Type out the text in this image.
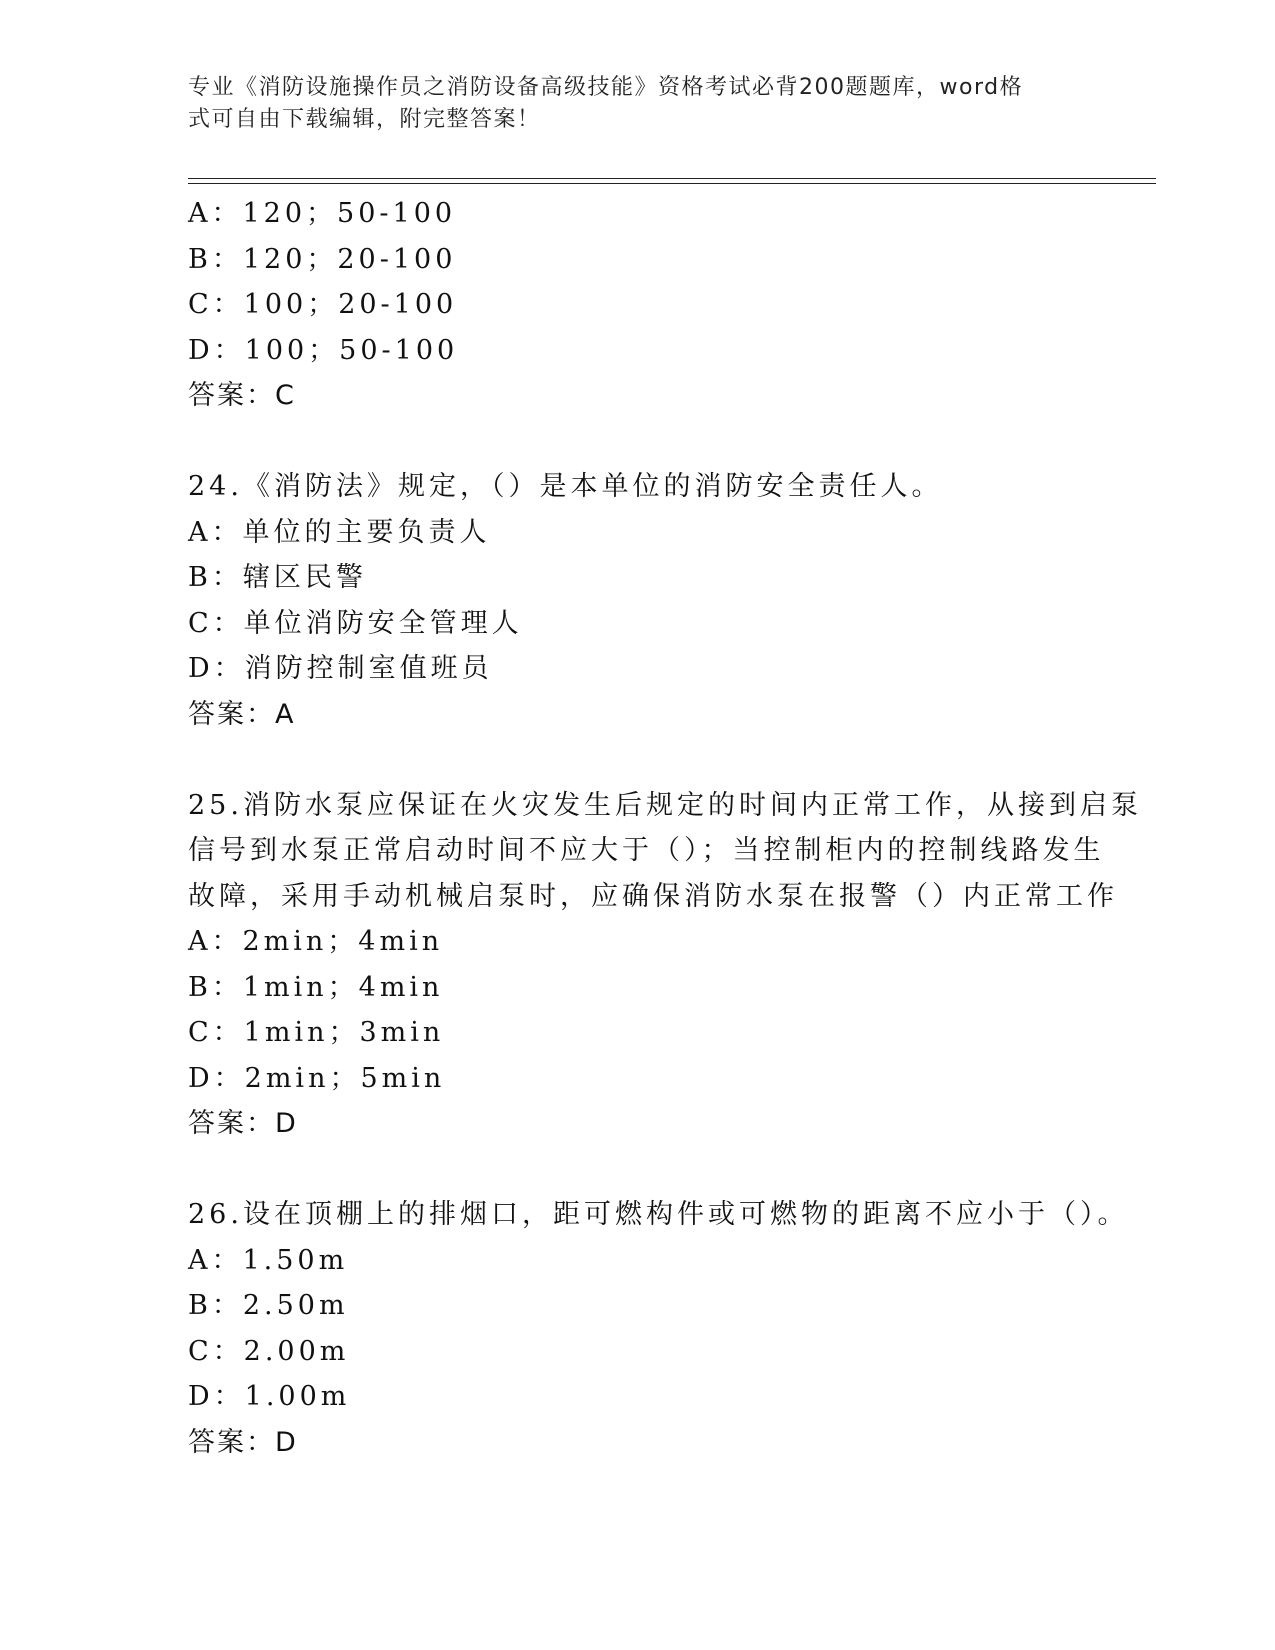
专业《消防设施操作员之消防设备高级技能》资格考试必背200题题库，word格
式可自由下载编辑，附完整答案！
A：120；50-100
B：120；20-100
C：100；20-100
D：100；50-100
答案：C
24.《消防法》规定，（）是本单位的消防安全责任人。
A：单位的主要负责人
B：辖区民警
C：单位消防安全管理人
D：消防控制室值班员
答案：A
25.消防水泵应保证在火灾发生后规定的时间内正常工作，从接到启泵
信号到水泵正常启动时间不应大于（）；当控制柜内的控制线路发生
故障，采用手动机械启泵时，应确保消防水泵在报警（）内正常工作
A：2min；4min
B：1min；4min
C：1min；3min
D：2min；5min
答案：D
26.设在顶棚上的排烟口，距可燃构件或可燃物的距离不应小于（）。
A：1.50m
B：2.50m
C：2.00m
D：1.00m
答案：D
